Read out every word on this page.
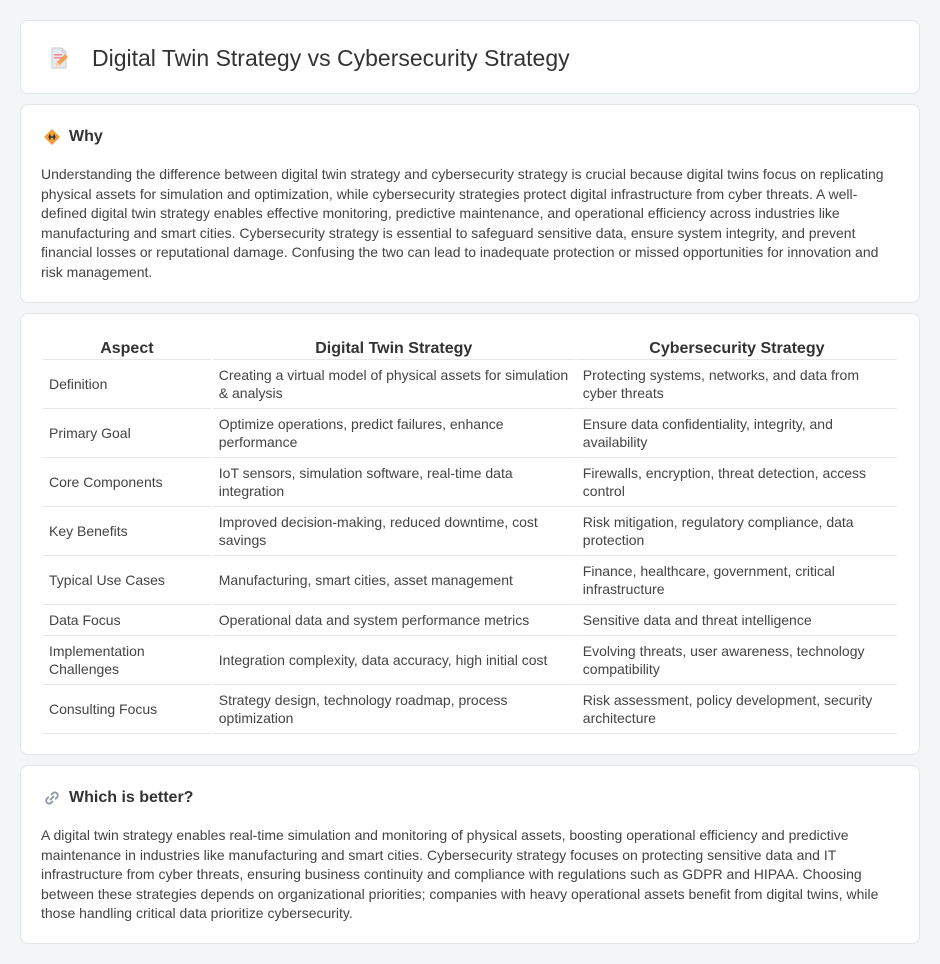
Digital Twin Strategy vs Cybersecurity Strategy
Why

Understanding the difference between digital twin strategy and cybersecurity strategy is crucial because digital twins focus on replicating physical assets for simulation and optimization, while cybersecurity strategies protect digital infrastructure from cyber threats. A well-defined digital twin strategy enables effective monitoring, predictive maintenance, and operational efficiency across industries like manufacturing and smart cities. Cybersecurity strategy is essential to safeguard sensitive data, ensure system integrity, and prevent financial losses or reputational damage. Confusing the two can lead to inadequate protection or missed opportunities for innovation and risk management.

Aspect	Digital Twin Strategy	Cybersecurity Strategy
Definition	Creating a virtual model of physical assets for simulation & analysis	Protecting systems, networks, and data from cyber threats
Primary Goal	Optimize operations, predict failures, enhance performance	Ensure data confidentiality, integrity, and availability
Core Components	IoT sensors, simulation software, real-time data integration	Firewalls, encryption, threat detection, access control
Key Benefits	Improved decision-making, reduced downtime, cost savings	Risk mitigation, regulatory compliance, data protection
Typical Use Cases	Manufacturing, smart cities, asset management	Finance, healthcare, government, critical infrastructure
Data Focus	Operational data and system performance metrics	Sensitive data and threat intelligence
Implementation Challenges	Integration complexity, data accuracy, high initial cost	Evolving threats, user awareness, technology compatibility
Consulting Focus	Strategy design, technology roadmap, process optimization	Risk assessment, policy development, security architecture
Which is better?

A digital twin strategy enables real-time simulation and monitoring of physical assets, boosting operational efficiency and predictive maintenance in industries like manufacturing and smart cities. Cybersecurity strategy focuses on protecting sensitive data and IT infrastructure from cyber threats, ensuring business continuity and compliance with regulations such as GDPR and HIPAA. Choosing between these strategies depends on organizational priorities; companies with heavy operational assets benefit from digital twins, while those handling critical data prioritize cybersecurity.
